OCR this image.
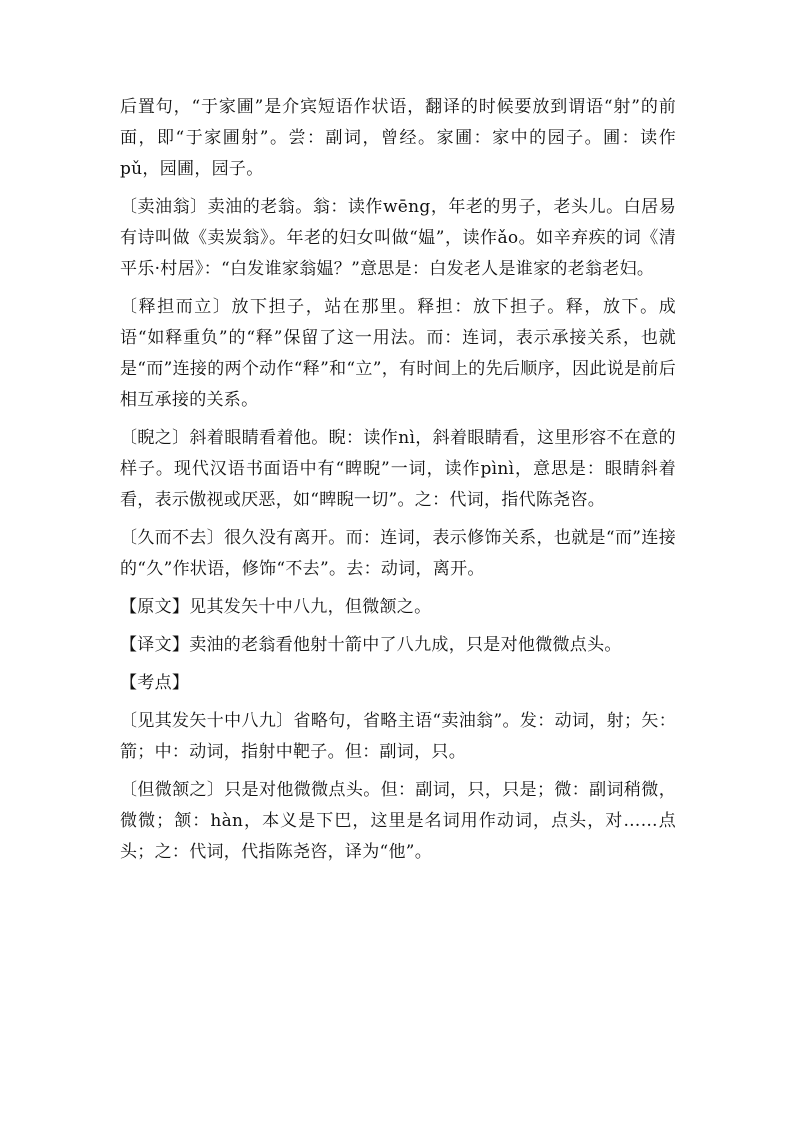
后置句，“于家圃”是介宾短语作状语，翻译的时候要放到谓语“射”的前面，即“于家圃射”。尝：副词，曾经。家圃：家中的园子。圃：读作pǔ，园圃，园子。

〔卖油翁〕卖油的老翁。翁：读作wēng，年老的男子，老头儿。白居易有诗叫做《卖炭翁》。年老的妇女叫做“媪”，读作ǎo。如辛弃疾的词《清平乐·村居》：“白发谁家翁媪？”意思是：白发老人是谁家的老翁老妇。

〔释担而立〕放下担子，站在那里。释担：放下担子。释，放下。成语“如释重负”的“释”保留了这一用法。而：连词，表示承接关系，也就是“而”连接的两个动作“释”和“立”，有时间上的先后顺序，因此说是前后相互承接的关系。

〔睨之〕斜着眼睛看着他。睨：读作nì，斜着眼睛看，这里形容不在意的样子。现代汉语书面语中有“睥睨”一词，读作pìnì，意思是：眼睛斜着看，表示傲视或厌恶，如“睥睨一切”。之：代词，指代陈尧咨。

〔久而不去〕很久没有离开。而：连词，表示修饰关系，也就是“而”连接的“久”作状语，修饰“不去”。去：动词，离开。

【原文】见其发矢十中八九，但微颔之。

【译文】卖油的老翁看他射十箭中了八九成，只是对他微微点头。

【考点】

〔见其发矢十中八九〕省略句，省略主语“卖油翁”。发：动词，射；矢：箭；中：动词，指射中靶子。但：副词，只。

〔但微颔之〕只是对他微微点头。但：副词，只，只是；微：副词稍微，微微；颔：hàn，本义是下巴，这里是名词用作动词，点头，对……点头；之：代词，代指陈尧咨，译为“他”。
